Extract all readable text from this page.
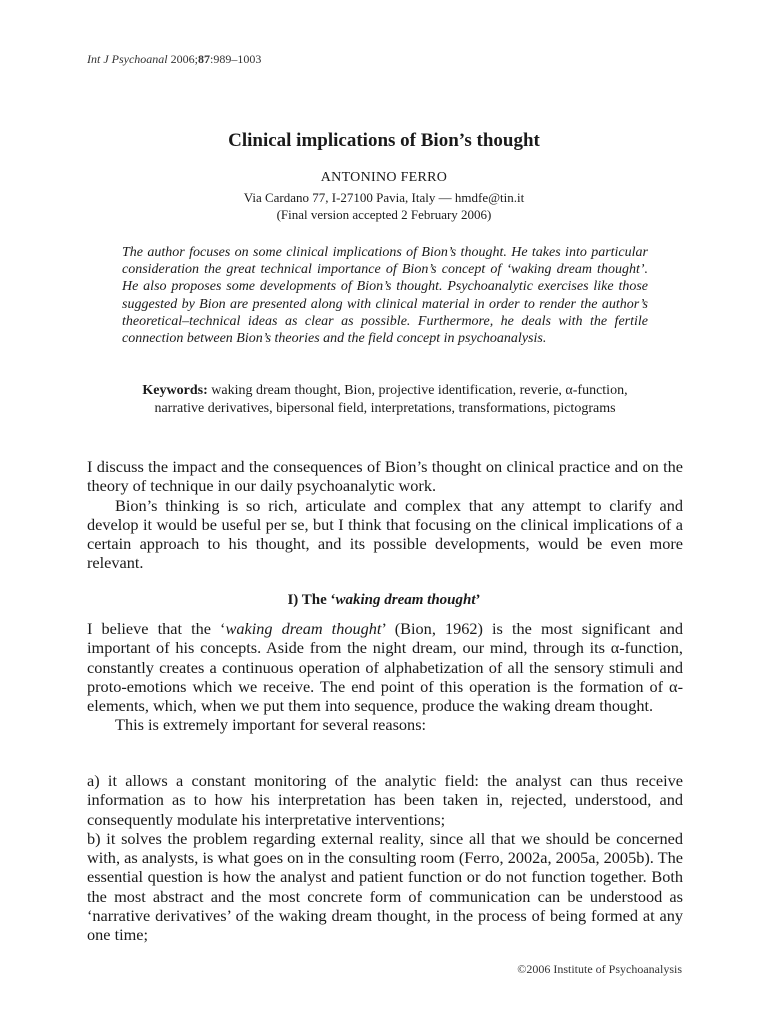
Int J Psychoanal 2006;87:989–1003
Clinical implications of Bion’s thought
ANTONINO FERRO
Via Cardano 77, I-27100 Pavia, Italy — hmdfe@tin.it
(Final version accepted 2 February 2006)
The author focuses on some clinical implications of Bion’s thought. He takes into particular consideration the great technical importance of Bion’s concept of ‘waking dream thought’. He also proposes some developments of Bion’s thought. Psychoanalytic exercises like those suggested by Bion are presented along with clinical material in order to render the author’s theoretical–technical ideas as clear as possible. Furthermore, he deals with the fertile connection between Bion’s theories and the field concept in psychoanalysis.
Keywords: waking dream thought, Bion, projective identification, reverie, α-function, narrative derivatives, bipersonal field, interpretations, transformations, pictograms

I discuss the impact and the consequences of Bion’s thought on clinical practice and on the theory of technique in our daily psychoanalytic work.

Bion’s thinking is so rich, articulate and complex that any attempt to clarify and develop it would be useful per se, but I think that focusing on the clinical implications of a certain approach to his thought, and its possible developments, would be even more relevant.

I) The ‘waking dream thought’

I believe that the ‘waking dream thought’ (Bion, 1962) is the most significant and important of his concepts. Aside from the night dream, our mind, through its α-function, constantly creates a continuous operation of alphabetization of all the sensory stimuli and proto-emotions which we receive. The end point of this operation is the formation of α-elements, which, when we put them into sequence, produce the waking dream thought.

This is extremely important for several reasons:

a) it allows a constant monitoring of the analytic field: the analyst can thus receive information as to how his interpretation has been taken in, rejected, understood, and consequently modulate his interpretative interventions;

b) it solves the problem regarding external reality, since all that we should be concerned with, as analysts, is what goes on in the consulting room (Ferro, 2002a, 2005a, 2005b). The essential question is how the analyst and patient function or do not function together. Both the most abstract and the most concrete form of communication can be understood as ‘narrative derivatives’ of the waking dream thought, in the process of being formed at any one time;

©2006 Institute of Psychoanalysis
